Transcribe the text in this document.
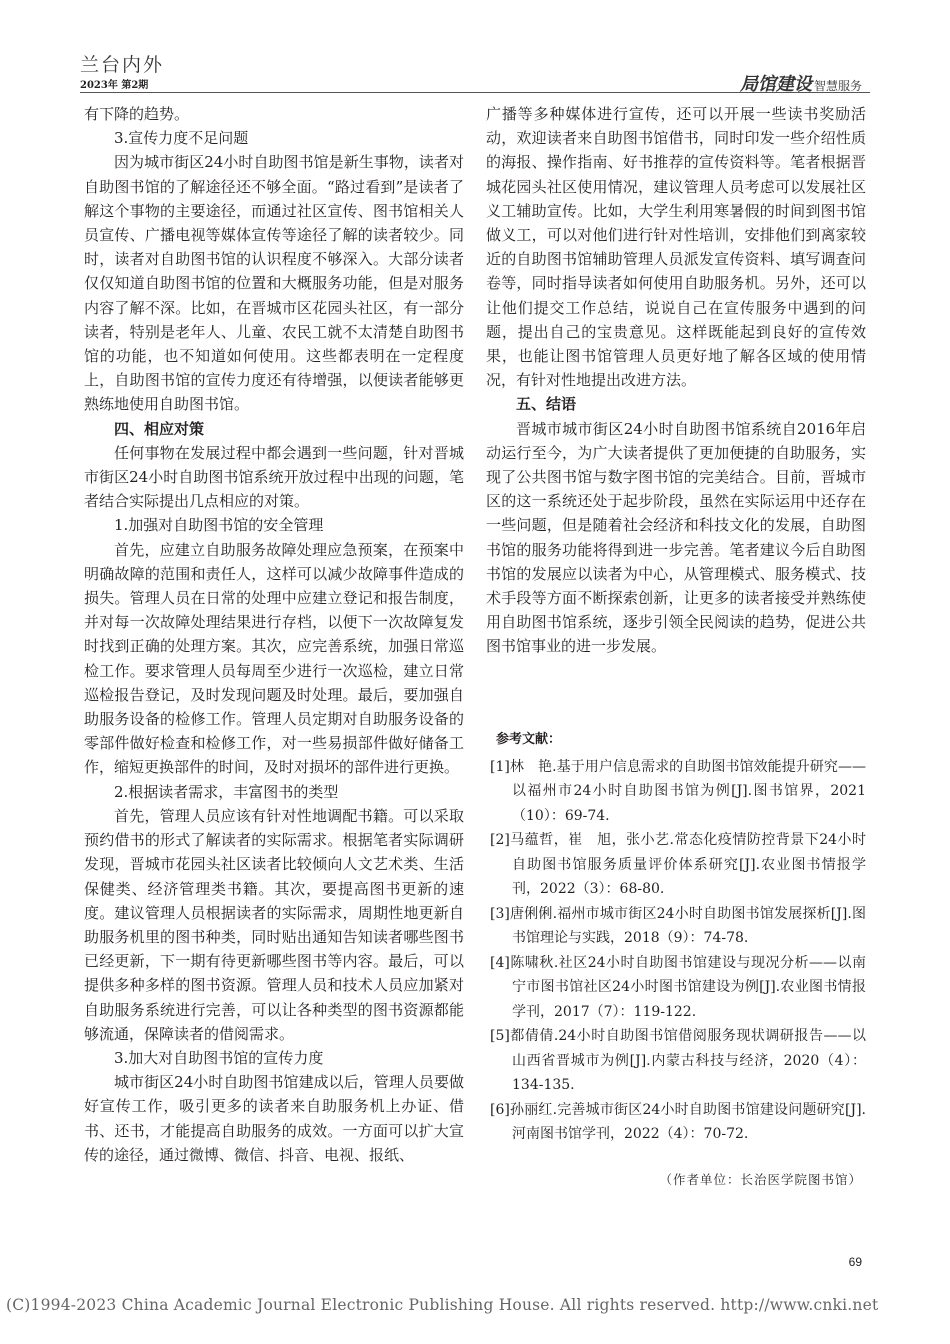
兰台内外
2023年 第2期	局馆建设 智慧服务

有下降的趋势。

3.宣传力度不足问题

因为城市街区24小时自助图书馆是新生事物，读者对自助图书馆的了解途径还不够全面。“路过看到”是读者了解这个事物的主要途径，而通过社区宣传、图书馆相关人员宣传、广播电视等媒体宣传等途径了解的读者较少。同时，读者对自助图书馆的认识程度不够深入。大部分读者仅仅知道自助图书馆的位置和大概服务功能，但是对服务内容了解不深。比如，在晋城市区花园头社区，有一部分读者，特别是老年人、儿童、农民工就不太清楚自助图书馆的功能，也不知道如何使用。这些都表明在一定程度上，自助图书馆的宣传力度还有待增强，以便读者能够更熟练地使用自助图书馆。

四、相应对策

任何事物在发展过程中都会遇到一些问题，针对晋城市街区24小时自助图书馆系统开放过程中出现的问题，笔者结合实际提出几点相应的对策。

1.加强对自助图书馆的安全管理

首先，应建立自助服务故障处理应急预案，在预案中明确故障的范围和责任人，这样可以减少故障事件造成的损失。管理人员在日常的处理中应建立登记和报告制度，并对每一次故障处理结果进行存档，以便下一次故障复发时找到正确的处理方案。其次，应完善系统，加强日常巡检工作。要求管理人员每周至少进行一次巡检，建立日常巡检报告登记，及时发现问题及时处理。最后，要加强自助服务设备的检修工作。管理人员定期对自助服务设备的零部件做好检查和检修工作，对一些易损部件做好储备工作，缩短更换部件的时间，及时对损坏的部件进行更换。

2.根据读者需求，丰富图书的类型

首先，管理人员应该有针对性地调配书籍。可以采取预约借书的形式了解读者的实际需求。根据笔者实际调研发现，晋城市花园头社区读者比较倾向人文艺术类、生活保健类、经济管理类书籍。其次，要提高图书更新的速度。建议管理人员根据读者的实际需求，周期性地更新自助服务机里的图书种类，同时贴出通知告知读者哪些图书已经更新，下一期有待更新哪些图书等内容。最后，可以提供多种多样的图书资源。管理人员和技术人员应加紧对自助服务系统进行完善，可以让各种类型的图书资源都能够流通，保障读者的借阅需求。

3.加大对自助图书馆的宣传力度

城市街区24小时自助图书馆建成以后，管理人员要做好宣传工作，吸引更多的读者来自助服务机上办证、借书、还书，才能提高自助服务的成效。一方面可以扩大宣传的途径，通过微博、微信、抖音、电视、报纸、

广播等多种媒体进行宣传，还可以开展一些读书奖励活动，欢迎读者来自助图书馆借书，同时印发一些介绍性质的海报、操作指南、好书推荐的宣传资料等。笔者根据晋城花园头社区使用情况，建议管理人员考虑可以发展社区义工辅助宣传。比如，大学生利用寒暑假的时间到图书馆做义工，可以对他们进行针对性培训，安排他们到离家较近的自助图书馆辅助管理人员派发宣传资料、填写调查问卷等，同时指导读者如何使用自助服务机。另外，还可以让他们提交工作总结，说说自己在宣传服务中遇到的问题，提出自己的宝贵意见。这样既能起到良好的宣传效果，也能让图书馆管理人员更好地了解各区域的使用情况，有针对性地提出改进方法。

五、结语

晋城市城市街区24小时自助图书馆系统自2016年启动运行至今，为广大读者提供了更加便捷的自助服务，实现了公共图书馆与数字图书馆的完美结合。目前，晋城市区的这一系统还处于起步阶段，虽然在实际运用中还存在一些问题，但是随着社会经济和科技文化的发展，自助图书馆的服务功能将得到进一步完善。笔者建议今后自助图书馆的发展应以读者为中心，从管理模式、服务模式、技术手段等方面不断探索创新，让更多的读者接受并熟练使用自助图书馆系统，逐步引领全民阅读的趋势，促进公共图书馆事业的进一步发展。

参考文献：
[1]林　艳.基于用户信息需求的自助图书馆效能提升研究——以福州市24小时自助图书馆为例[J].图书馆界，2021（10）：69-74.
[2]马蕴哲，崔　旭，张小艺.常态化疫情防控背景下24小时自助图书馆服务质量评价体系研究[J].农业图书情报学刊，2022（3）：68-80.
[3]唐俐俐.福州市城市街区24小时自助图书馆发展探析[J].图书馆理论与实践，2018（9）：74-78.
[4]陈啸秋.社区24小时自助图书馆建设与现况分析——以南宁市图书馆社区24小时图书馆建设为例[J].农业图书情报学刊，2017（7）：119-122.
[5]都倩倩.24小时自助图书馆借阅服务现状调研报告——以山西省晋城市为例[J].内蒙古科技与经济，2020（4）：134-135.
[6]孙丽红.完善城市街区24小时自助图书馆建设问题研究[J].河南图书馆学刊，2022（4）：70-72.
（作者单位：长治医学院图书馆）
69
(C)1994-2023 China Academic Journal Electronic Publishing House. All rights reserved. http://www.cnki.net
